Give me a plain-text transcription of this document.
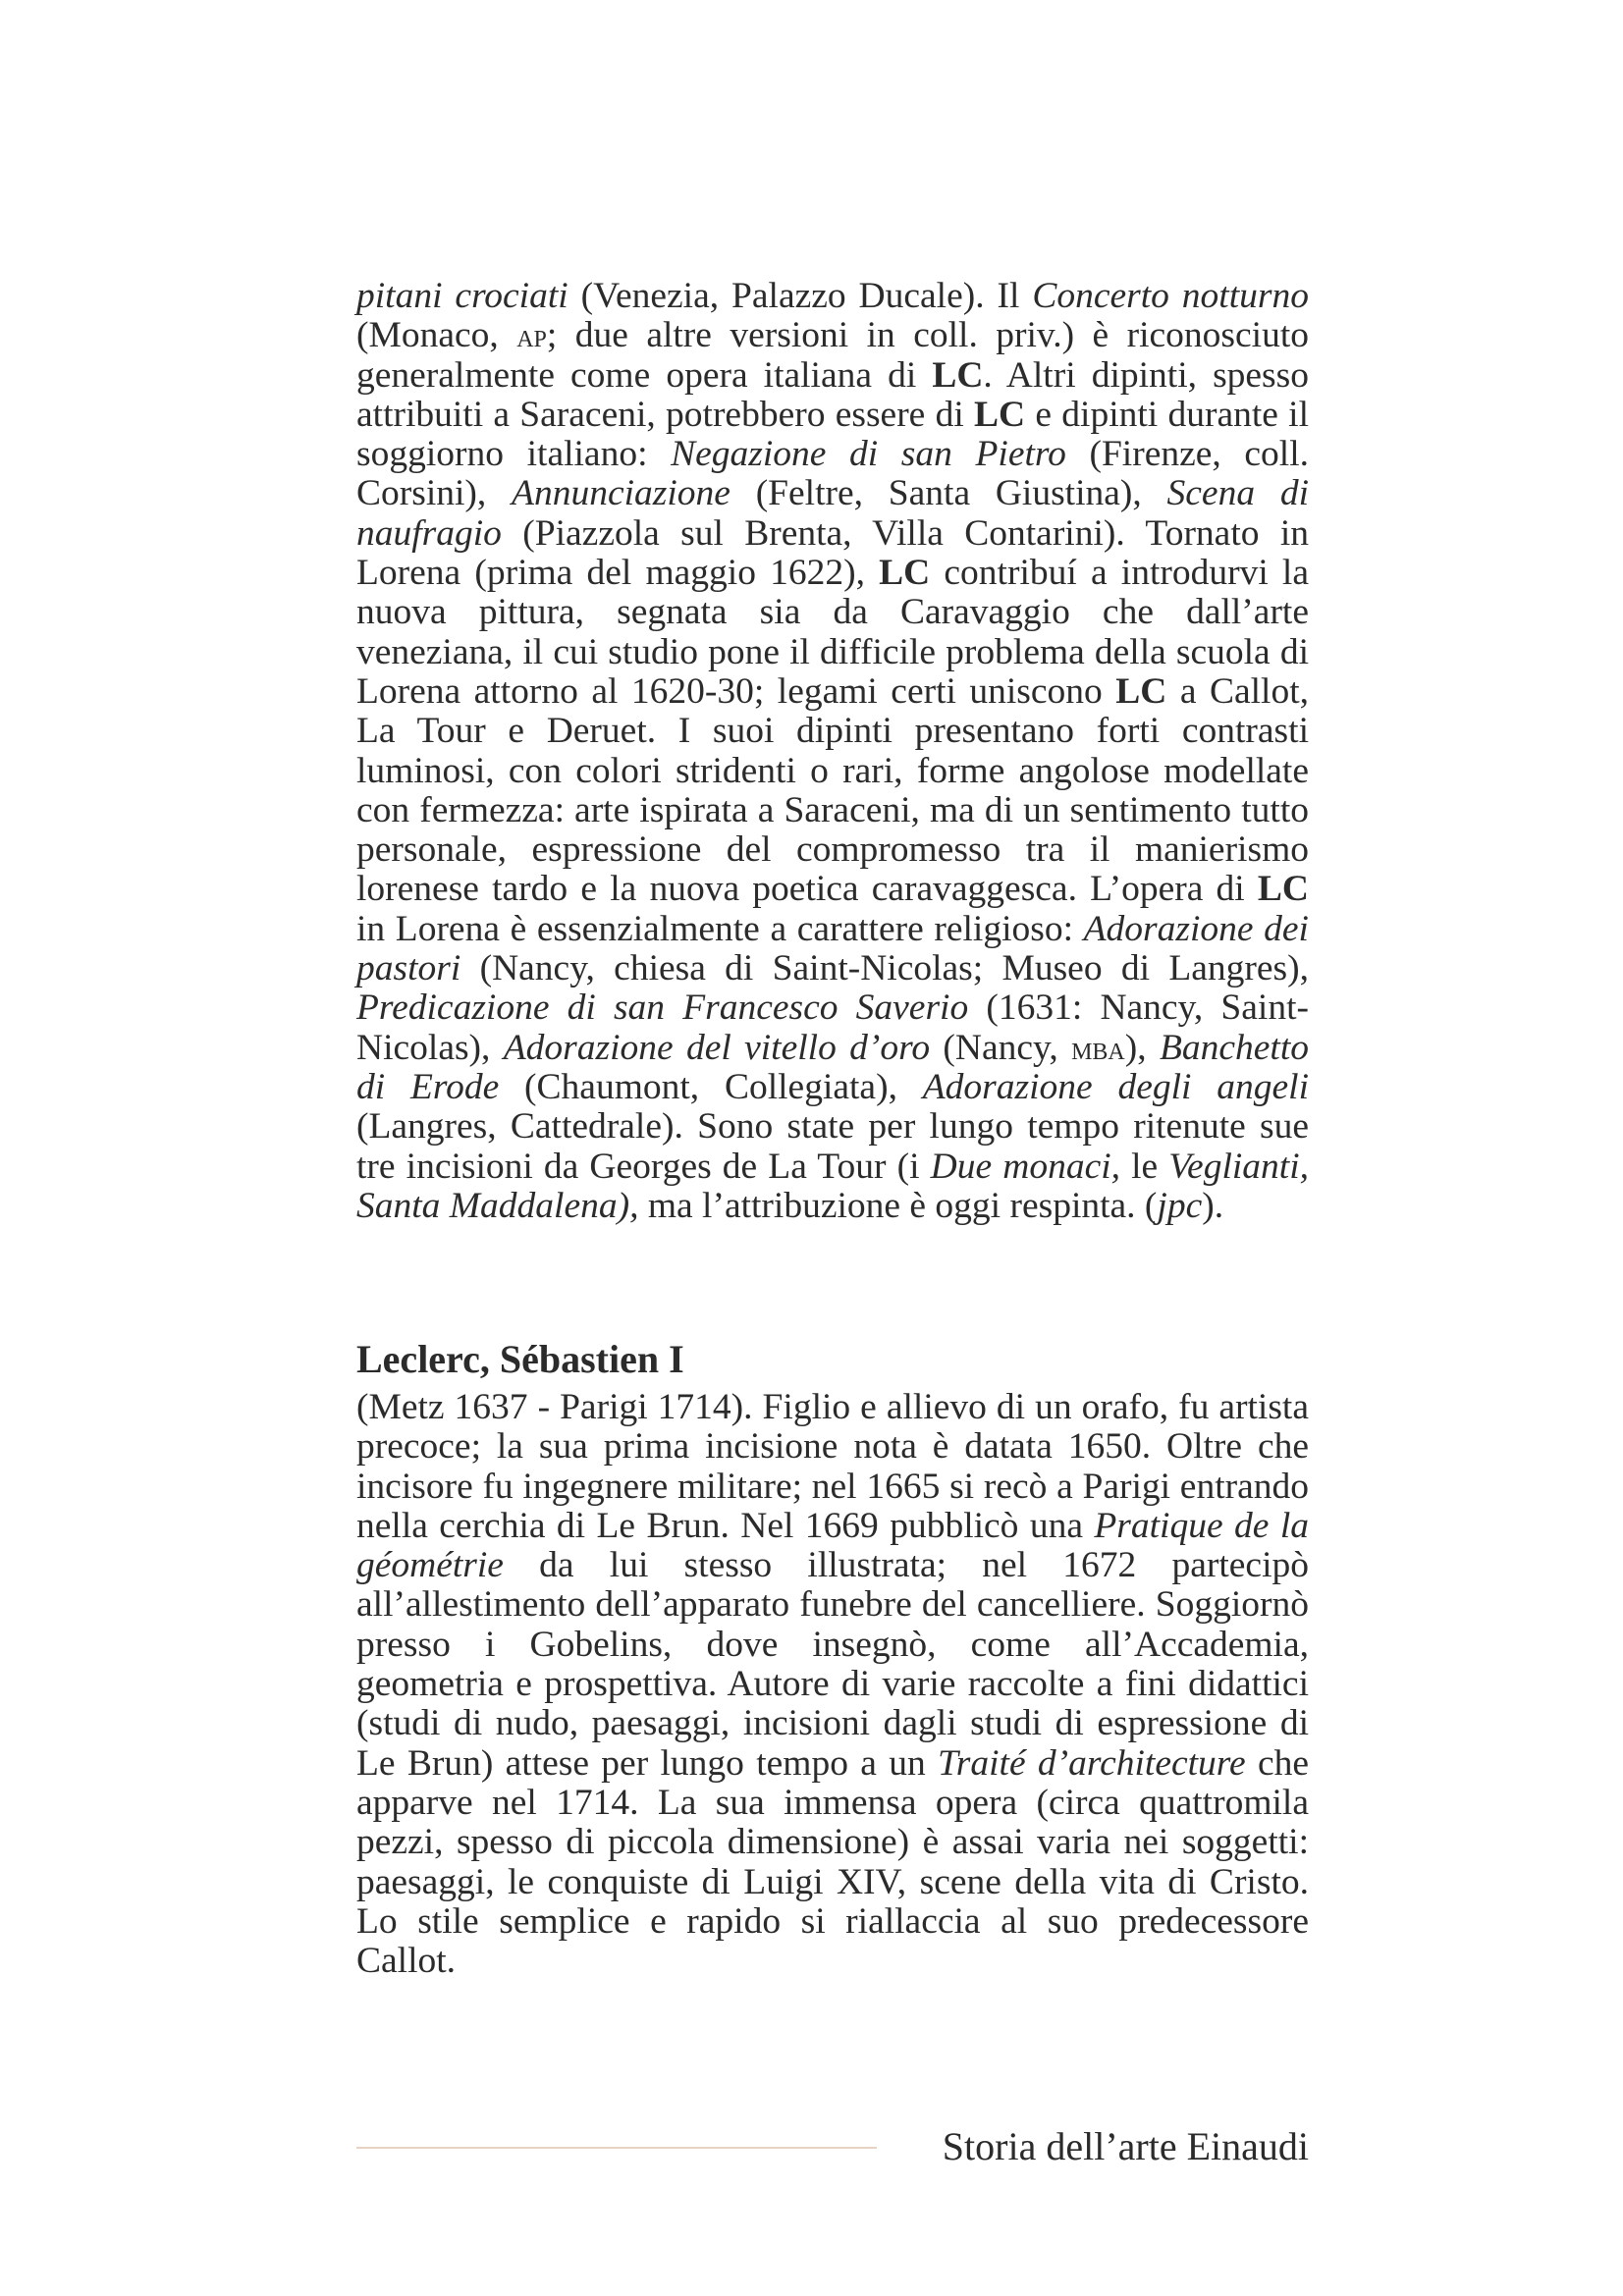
pitani crociati (Venezia, Palazzo Ducale). Il Concerto notturno (Monaco, ap; due altre versioni in coll. priv.) è riconosciuto generalmente come opera italiana di LC. Altri dipinti, spesso attribuiti a Saraceni, potrebbero essere di LC e dipinti durante il soggiorno italiano: Negazione di san Pietro (Firenze, coll. Corsini), Annunciazione (Feltre, Santa Giustina), Scena di naufragio (Piazzola sul Brenta, Villa Contarini). Tornato in Lorena (prima del maggio 1622), LC contribuí a introdurvi la nuova pittura, segnata sia da Caravaggio che dall’arte veneziana, il cui studio pone il difficile problema della scuola di Lorena attorno al 1620-30; legami certi uniscono LC a Callot, La Tour e Deruet. I suoi dipinti presentano forti contrasti luminosi, con colori stridenti o rari, forme angolose modellate con fermezza: arte ispirata a Saraceni, ma di un sentimento tutto personale, espressione del compromesso tra il manierismo lorenese tardo e la nuova poetica caravaggesca. L’opera di LC in Lorena è essenzialmente a carattere religioso: Adorazione dei pastori (Nancy, chiesa di Saint-Nicolas; Museo di Langres), Predicazione di san Francesco Saverio (1631: Nancy, Saint-Nicolas), Adorazione del vitello d’oro (Nancy, mba), Banchetto di Erode (Chaumont, Collegiata), Adorazione degli angeli (Langres, Cattedrale). Sono state per lungo tempo ritenute sue tre incisioni da Georges de La Tour (i Due monaci, le Veglianti, Santa Maddalena), ma l’attribuzione è oggi respinta. (jpc).

Leclerc, Sébastien I

(Metz 1637 - Parigi 1714). Figlio e allievo di un orafo, fu artista precoce; la sua prima incisione nota è datata 1650. Oltre che incisore fu ingegnere militare; nel 1665 si recò a Parigi entrando nella cerchia di Le Brun. Nel 1669 pubblicò una Pratique de la géométrie da lui stesso illustrata; nel 1672 partecipò all’allestimento dell’apparato funebre del cancelliere. Soggiornò presso i Gobelins, dove insegnò, come all’Accademia, geometria e prospettiva. Autore di varie raccolte a fini didattici (studi di nudo, paesaggi, incisioni dagli studi di espressione di Le Brun) attese per lungo tempo a un Traité d’architecture che apparve nel 1714. La sua immensa opera (circa quattromila pezzi, spesso di piccola dimensione) è assai varia nei soggetti: paesaggi, le conquiste di Luigi XIV, scene della vita di Cristo. Lo stile semplice e rapido si riallaccia al suo predecessore Callot.

Storia dell’arte Einaudi
